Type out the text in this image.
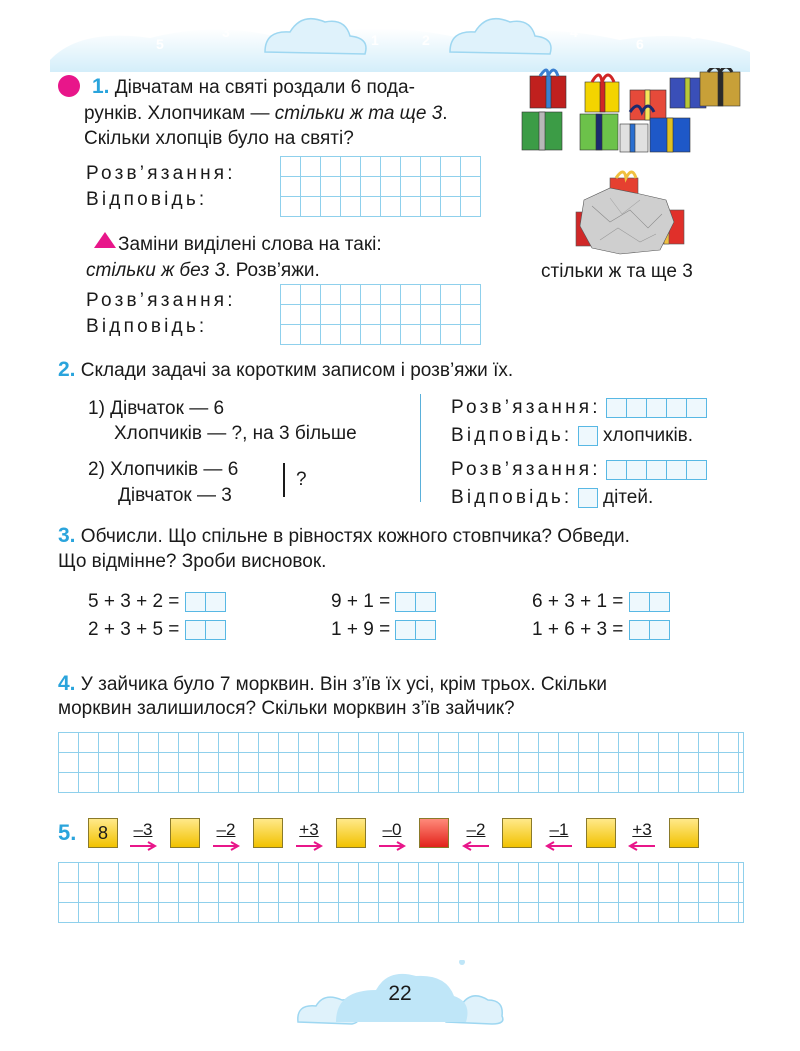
7
5
3
0
1	2	4
6
8
1. Дівчатам на святі роздали 6 пода-
рунків. Хлопчикам — стільки ж та ще 3.
Скільки хлопців було на святі?
Розв’язання:
Відповідь:
стільки ж та ще 3
Заміни виділені слова на такі:
стільки ж без 3. Розв’яжи.
Розв’язання:
Відповідь:
2. Склади задачі за коротким записом і розв’яжи їх.
1) Дівчаток — 6
Хлопчиків — ?, на 3 більше
2) Хлопчиків — 6
Дівчаток — 3
?
Розв’язання:
Відповідь: хлопчиків.
Розв’язання:
Відповідь: дітей.
3. Обчисли. Що спільне в рівностях кожного стовпчика? Обведи.
Що відмінне? Зроби висновок.
5 + 3 + 2 =
2 + 3 + 5 =
9 + 1 =
1 + 9 =
6 + 3 + 1 =
1 + 6 + 3 =
4. У зайчика було 7 морквин. Він з’їв їх усі, крім трьох. Скільки
морквин залишилося? Скільки морквин з’їв зайчик?
5.	8	–3	–2	+3	–0	–2	–1	+3
22
